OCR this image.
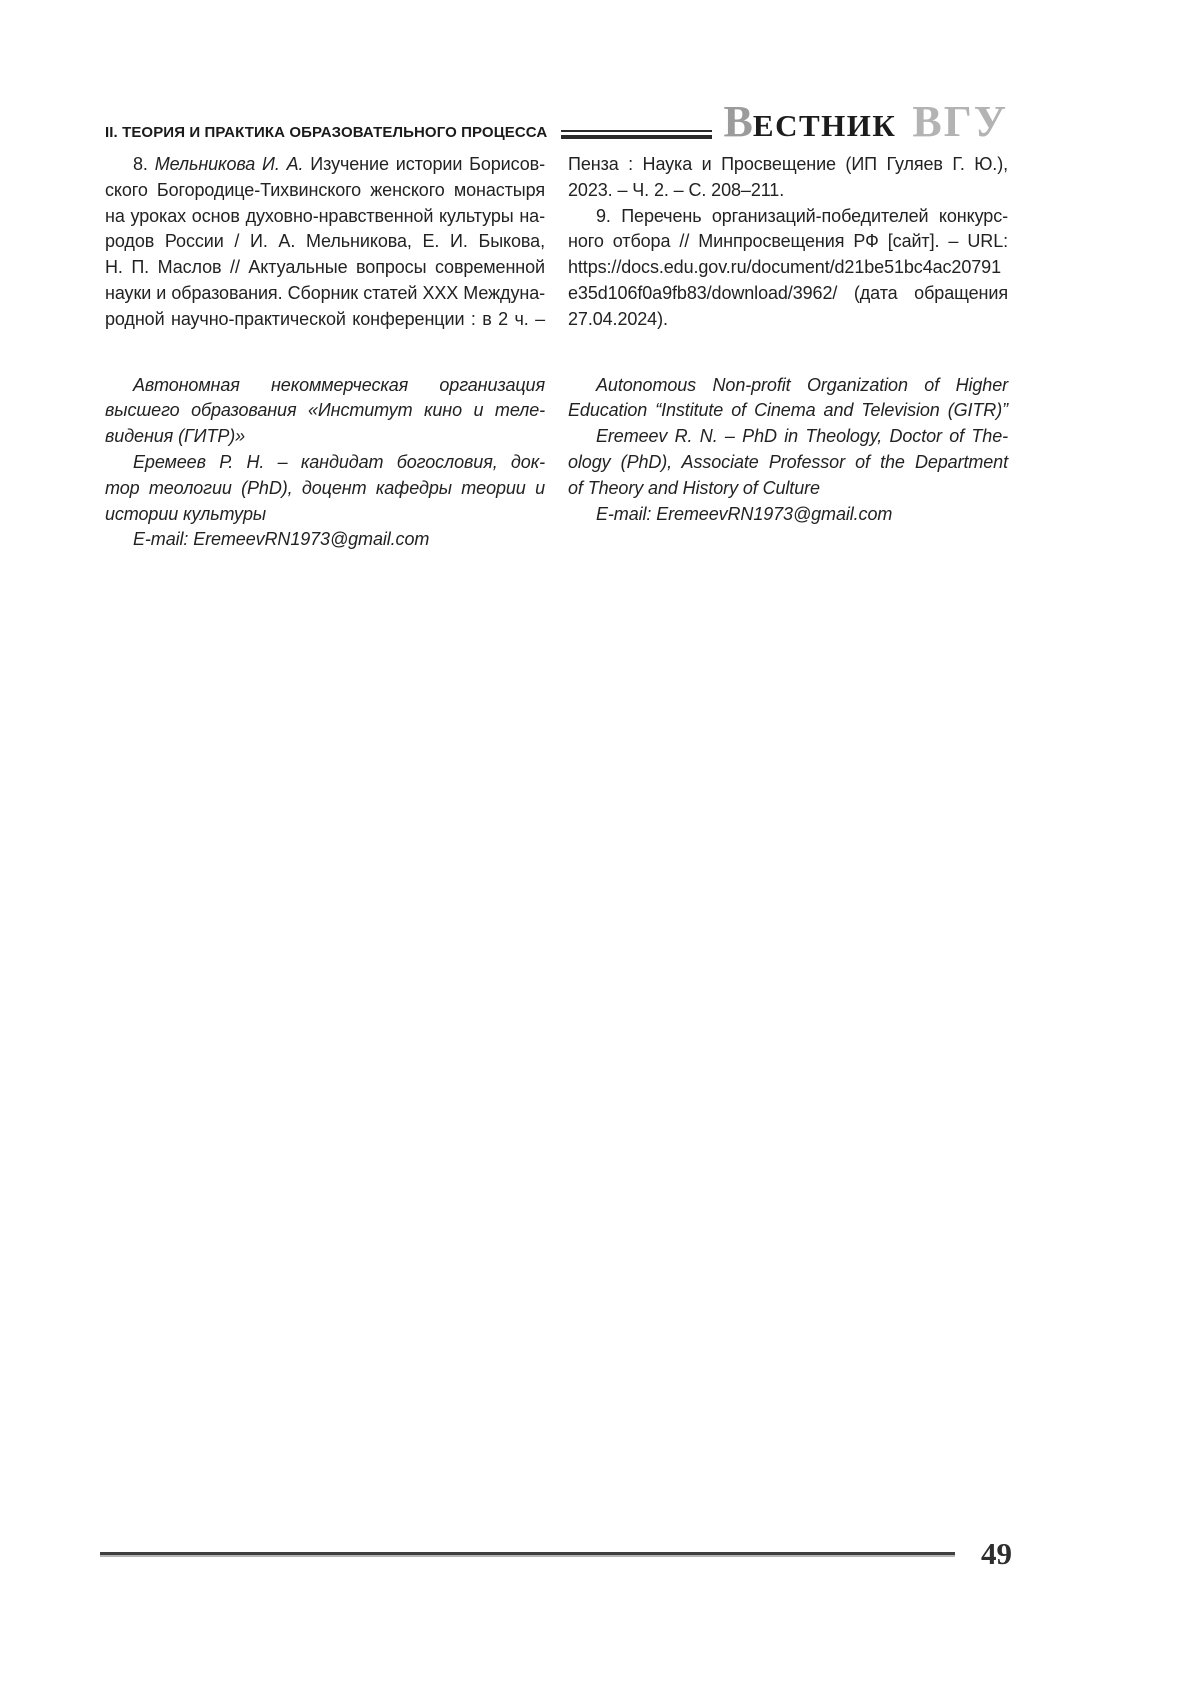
II. ТЕОРИЯ И ПРАКТИКА ОБРАЗОВАТЕЛЬНОГО ПРОЦЕССА	ВЕСТНИК ВГУ
8. Мельникова И. А. Изучение истории Борисов-
ского Богородице-Тихвинского женского монастыря
на уроках основ духовно-нравственной культуры на-
родов России / И. А. Мельникова, Е. И. Быкова,
Н. П. Маслов // Актуальные вопросы современной
науки и образования. Сборник статей XXX Междуна-
родной научно-практической конференции : в 2 ч. –
Автономная некоммерческая организация
высшего образования «Институт кино и теле-
видения (ГИТР)»
Еремеев Р. Н. – кандидат богословия, док-
тор теологии (PhD), доцент кафедры теории и
истории культуры
E-mail: EremeevRN1973@gmail.com
Пенза : Наука и Просвещение (ИП Гуляев Г. Ю.),
2023. – Ч. 2. – С. 208–211.
9. Перечень организаций-победителей конкурс-
ного отбора // Минпросвещения РФ [сайт]. – URL:
https://docs.edu.gov.ru/document/d21be51bc4ac20791
e35d106f0a9fb83/download/3962/ (дата обращения
27.04.2024).
Autonomous Non-profit Organization of Higher
Education “Institute of Cinema and Television (GITR)”
Eremeev R. N. – PhD in Theology, Doctor of The-
ology (PhD), Associate Professor of the Department
of Theory and History of Culture
E-mail: EremeevRN1973@gmail.com
49
